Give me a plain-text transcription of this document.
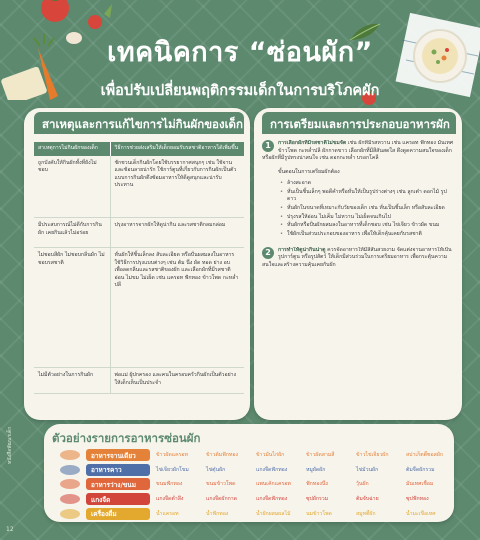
เทคนิคการ “ซ่อนผัก”
เพื่อปรับเปลี่ยนพฤติกรรมเด็กในการบริโภคผัก
สาเหตุและการแก้ไขการไม่กินผักของเด็ก
สาเหตุการไม่กินผักของเด็ก	วิธีการช่วยส่งเสริมให้เด็กยอมรับรสชาติอาหารได้เพิ่มขึ้น
ถูกบังคับให้กินผักทั้งที่ยังไม่ชอบ	ชักชวนเด็กกินผักโดยใช้บรรยากาศสนุกๆ เช่น ใช้จานและช้อนลายน่ารัก ใช้การ์ตูนที่เกี่ยวกับการกินผักเป็นตัวแบบการกินผักดึงซ้อมอาหารให้ดีดูสนุกและน่ารับประทาน
มีประสบการณ์ไม่ดีกับการกินผัก เคยกินแล้วไม่อร่อย	ปรุงอาหารจากผักให้ดูน่ากิน และรสชาติกลมกล่อม
ไม่ชอบสีผัก ไม่ชอบกลิ่นผัก ไม่ชอบรสชาติ	หั่นผักให้ชิ้นเล็กลง สับละเอียด หรือปั่นผสมลงในอาหาร ใช้วิธีการปรุงแบบต่างๆ เช่น ต้ม นึ่ง ผัด ทอด ย่าง อบ เพื่อลดกลิ่นและรสชาติของผัก และเลือกผักที่มีรสชาติอ่อน ไม่ขม ไม่เผ็ด เช่น แครอท ฟักทอง ข้าวโพด กะหล่ำปลี
ไม่มีตัวอย่างในการกินผัก	พ่อแม่ ผู้ปกครอง และคนในครอบครัวกินผักเป็นตัวอย่างให้เด็กเห็นเป็นประจำ
การเตรียมและการประกอบอาหารผัก
1	การเลือกผักที่มีรสชาติไม่ขมจัด เช่น ผักที่มีรสหวาน เช่น แครอท ฟักทอง มันเทศ ข้าวโพด กะหล่ำปลี ผักกาดขาว เลือกผักที่มีสีสันสดใส ดึงดูดความสนใจของเด็ก หรือผักที่มีรูปทรงน่าสนใจ เช่น ดอกกะหล่ำ บรอกโคลี
ขั้นตอนในการเตรียมผักต้อง
• ล้างสะอาด
• หั่นเป็นชิ้นเล็กๆ พอดีคำหรือหั่นให้เป็นรูปร่างต่างๆ เช่น ลูกเต๋า ดอกไม้ รูปดาว
• หั่นผักในขนาดที่เหมาะกับวัยของเด็ก เช่น หั่นเป็นชิ้นเล็ก หรือสับละเอียด
• ปรุงรสให้อ่อน ไม่เค็ม ไม่หวาน ไม่เผ็ดจนเกินไป
• หั่นผักหรือปั่นผักผสมลงในอาหารที่เด็กชอบ เช่น ไข่เจียว ข้าวผัด ขนม
• ใช้ผักเป็นส่วนประกอบของอาหาร เพื่อให้เด็กคุ้นเคยกับรสชาติ
2	การทำให้ดูน่ากินน่าดู ควรจัดอาหารให้มีสีสันสวยงาม จัดแต่งจานอาหารให้เป็นรูปการ์ตูน หรือรูปสัตว์ ให้เด็กมีส่วนร่วมในการเตรียมอาหาร เพื่อกระตุ้นความสนใจและสร้างความคุ้นเคยกับผัก
ตัวอย่างรายการอาหารซ่อนผัก
อาหารจานเดียว	ข้าวผัดแครอท	ข้าวต้มฟักทอง	ข้าวมันไก่ผัก	ข้าวผัดสามสี	ข้าวไข่เจียวผัก	สปาเก็ตตี้ซอสผัก
อาหารคาว	ไข่เจียวผักโขม	ไข่ตุ๋นผัก	แกงจืดฟักทอง	หมูผัดผัก	ไข่ม้วนผัก	ต้มจืดผักรวม
อาหารว่าง/ขนม	ขนมฟักทอง	ขนมข้าวโพด	แพนเค้กแครอท	ฟักทองนึ่ง	วุ้นผัก	มันเทศเชื่อม
แกงจืด	แกงจืดตำลึง	แกงจืดผักกาด	แกงจืดฟักทอง	ซุปผักรวม	ต้มจับฉ่าย	ซุปฟักทอง
เครื่องดื่ม	น้ำแครอท	น้ำฟักทอง	น้ำผักผสมผลไม้	นมข้าวโพด	สมูทตี้ผัก	น้ำมะเขือเทศ
หนังสือพัฒนาเด็ก
12
